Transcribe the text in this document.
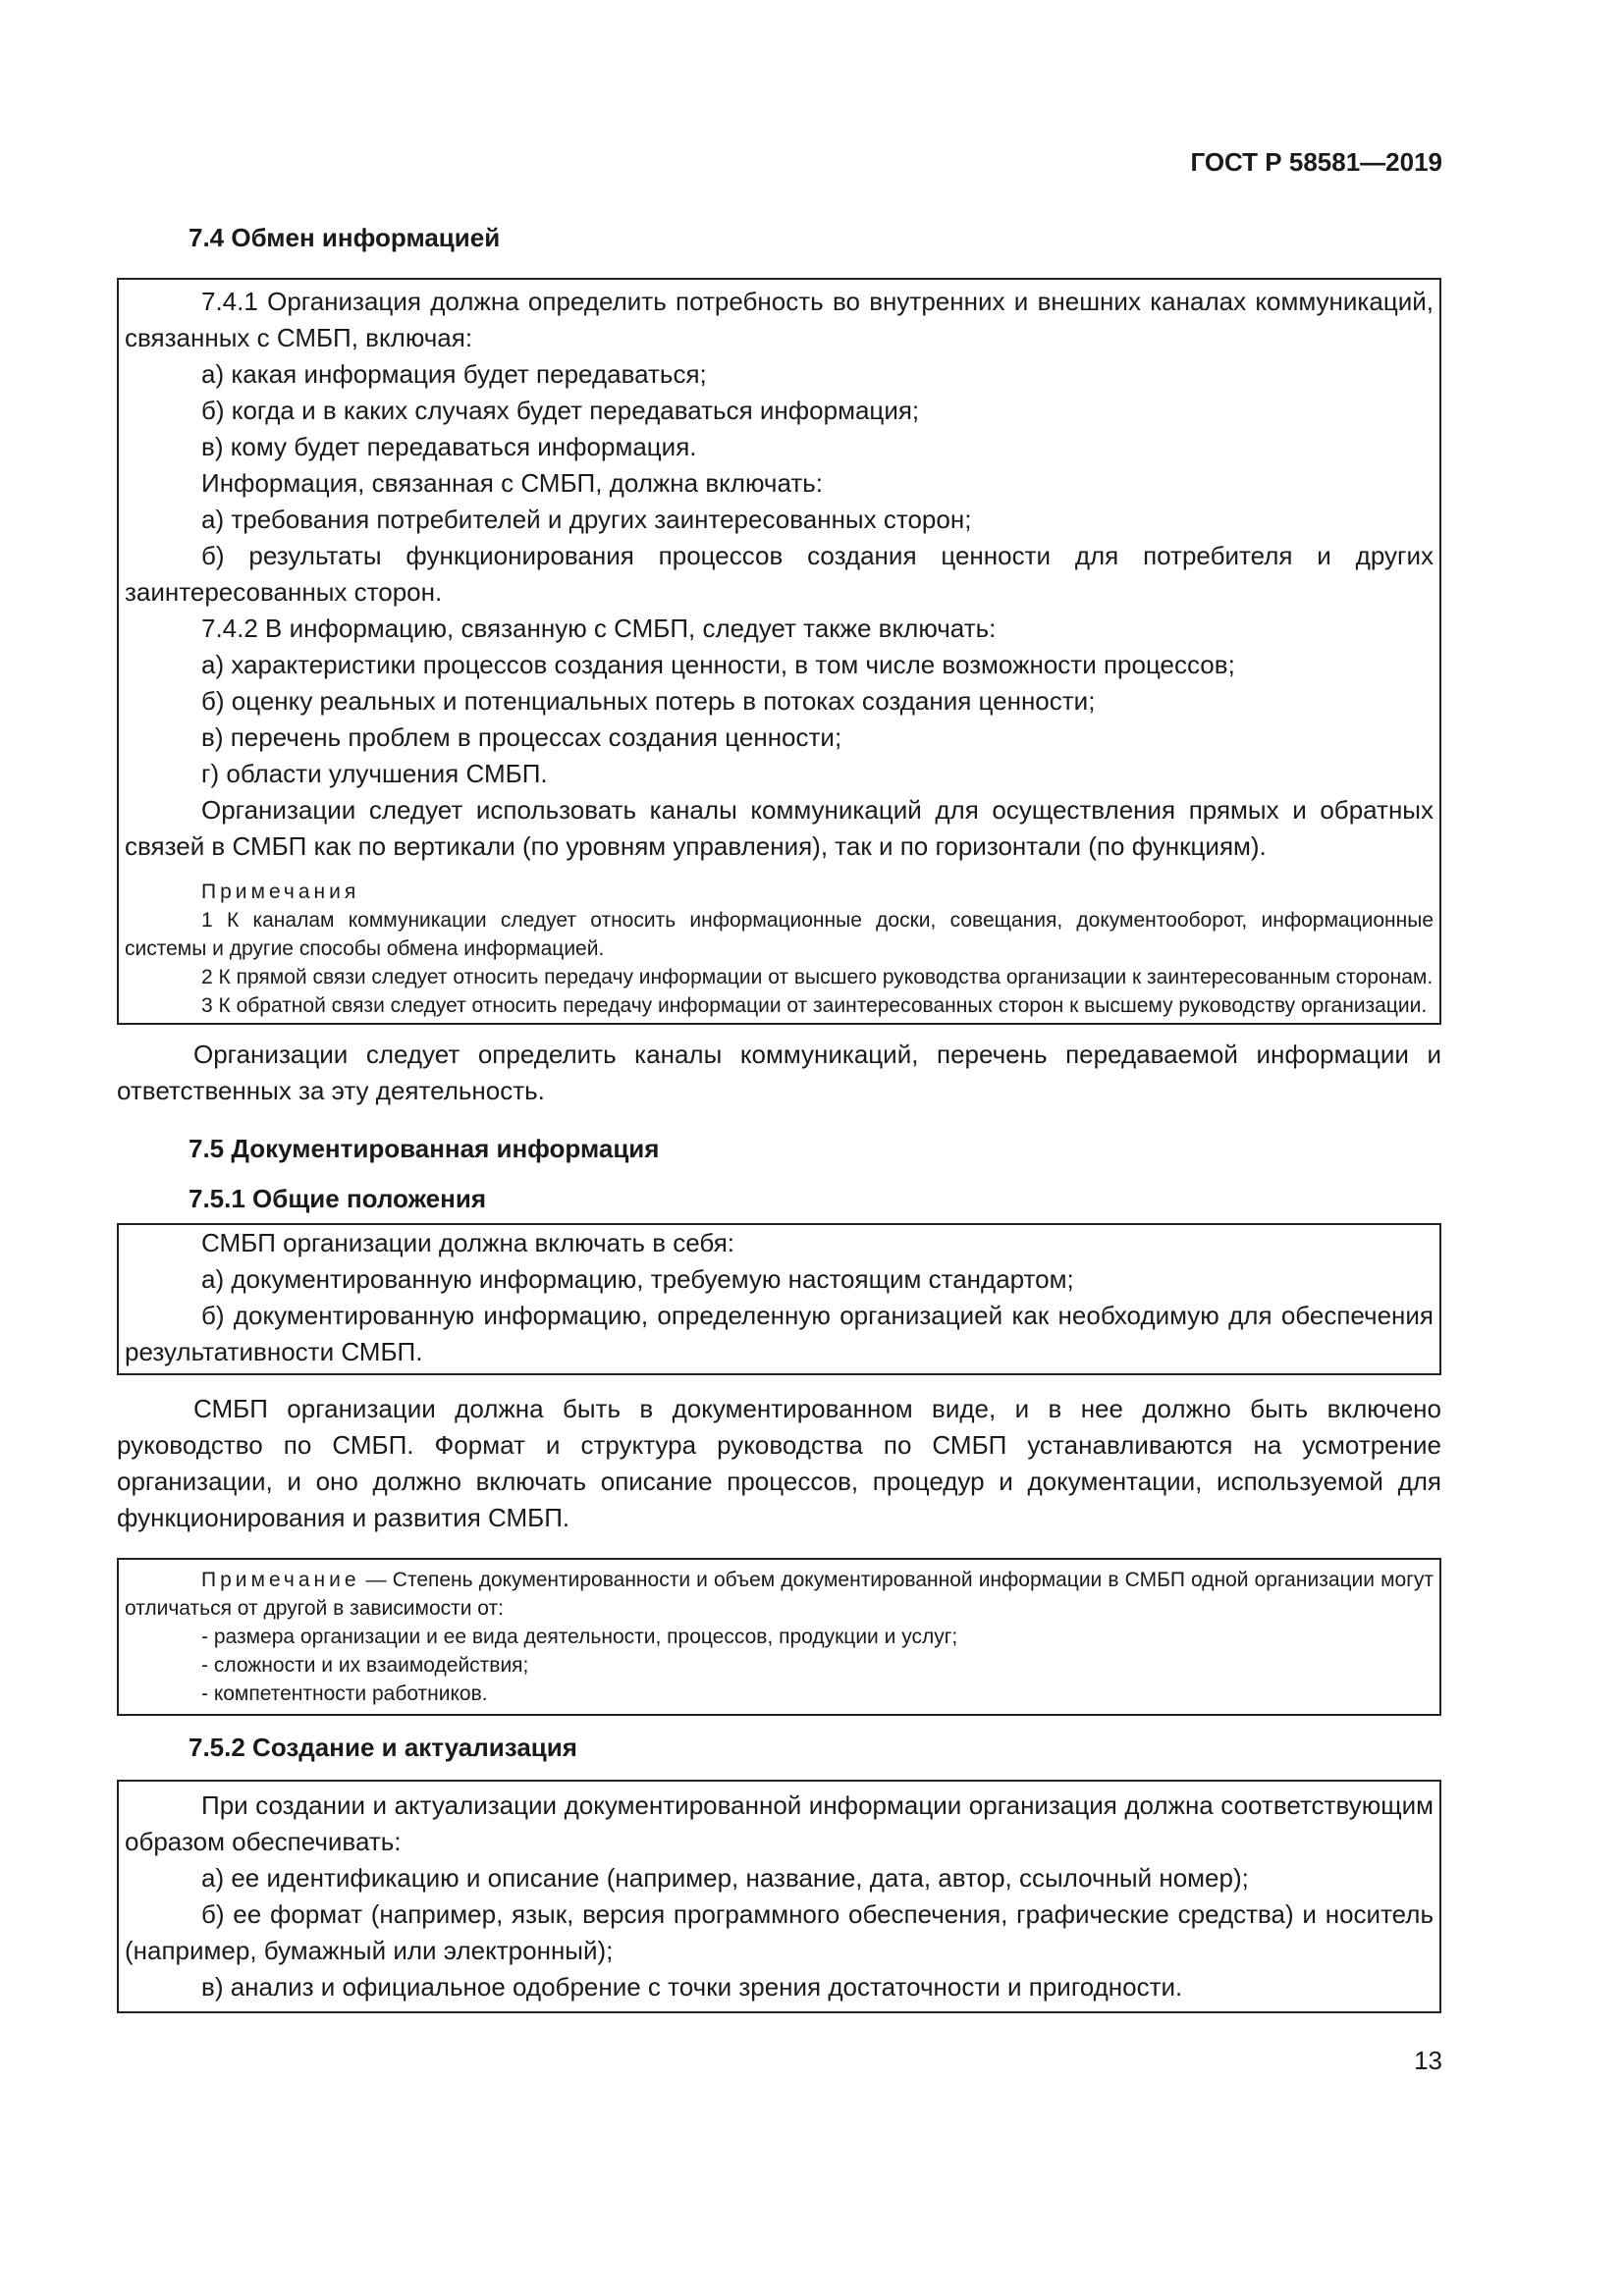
ГОСТ Р 58581—2019

7.4 Обмен информацией

7.4.1 Организация должна определить потребность во внутренних и внешних каналах коммуникаций, связанных с СМБП, включая:

а) какая информация будет передаваться;

б) когда и в каких случаях будет передаваться информация;

в) кому будет передаваться информация.

Информация, связанная с СМБП, должна включать:

а) требования потребителей и других заинтересованных сторон;

б) результаты функционирования процессов создания ценности для потребителя и других заинтересованных сторон.

7.4.2 В информацию, связанную с СМБП, следует также включать:

а) характеристики процессов создания ценности, в том числе возможности процессов;

б) оценку реальных и потенциальных потерь в потоках создания ценности;

в) перечень проблем в процессах создания ценности;

г) области улучшения СМБП.

Организации следует использовать каналы коммуникаций для осуществления прямых и обратных связей в СМБП как по вертикали (по уровням управления), так и по горизонтали (по функциям).

Примечания

1 К каналам коммуникации следует относить информационные доски, совещания, документооборот, информационные системы и другие способы обмена информацией.

2 К прямой связи следует относить передачу информации от высшего руководства организации к заинтересованным сторонам.

3 К обратной связи следует относить передачу информации от заинтересованных сторон к высшему руководству организации.

Организации следует определить каналы коммуникаций, перечень передаваемой информации и ответственных за эту деятельность.

7.5 Документированная информация

7.5.1 Общие положения

СМБП организации должна включать в себя:

а) документированную информацию, требуемую настоящим стандартом;

б) документированную информацию, определенную организацией как необходимую для обеспечения результативности СМБП.

СМБП организации должна быть в документированном виде, и в нее должно быть включено руководство по СМБП. Формат и структура руководства по СМБП устанавливаются на усмотрение организации, и оно должно включать описание процессов, процедур и документации, используемой для функционирования и развития СМБП.

Примечание — Степень документированности и объем документированной информации в СМБП одной организации могут отличаться от другой в зависимости от:

- размера организации и ее вида деятельности, процессов, продукции и услуг;

- сложности и их взаимодействия;

- компетентности работников.

7.5.2 Создание и актуализация

При создании и актуализации документированной информации организация должна соответствующим образом обеспечивать:

а) ее идентификацию и описание (например, название, дата, автор, ссылочный номер);

б) ее формат (например, язык, версия программного обеспечения, графические средства) и носитель (например, бумажный или электронный);

в) анализ и официальное одобрение с точки зрения достаточности и пригодности.

13
